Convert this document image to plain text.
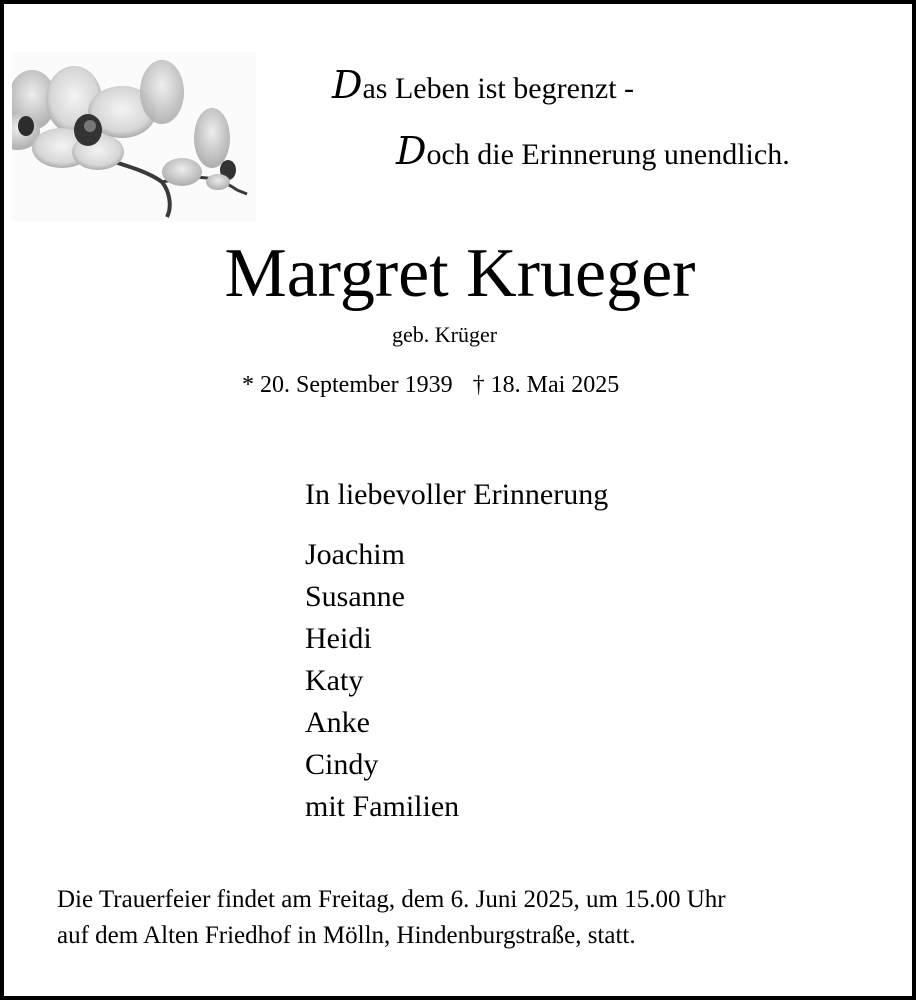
Das Leben ist begrenzt -
Doch die Erinnerung unendlich.
Margret Krueger
geb. Krüger
* 20. September 1939 † 18. Mai 2025
In liebevoller Erinnerung
Joachim
Susanne
Heidi
Katy
Anke
Cindy
mit Familien
Die Trauerfeier findet am Freitag, dem 6. Juni 2025, um 15.00 Uhr
auf dem Alten Friedhof in Mölln, Hindenburgstraße, statt.
